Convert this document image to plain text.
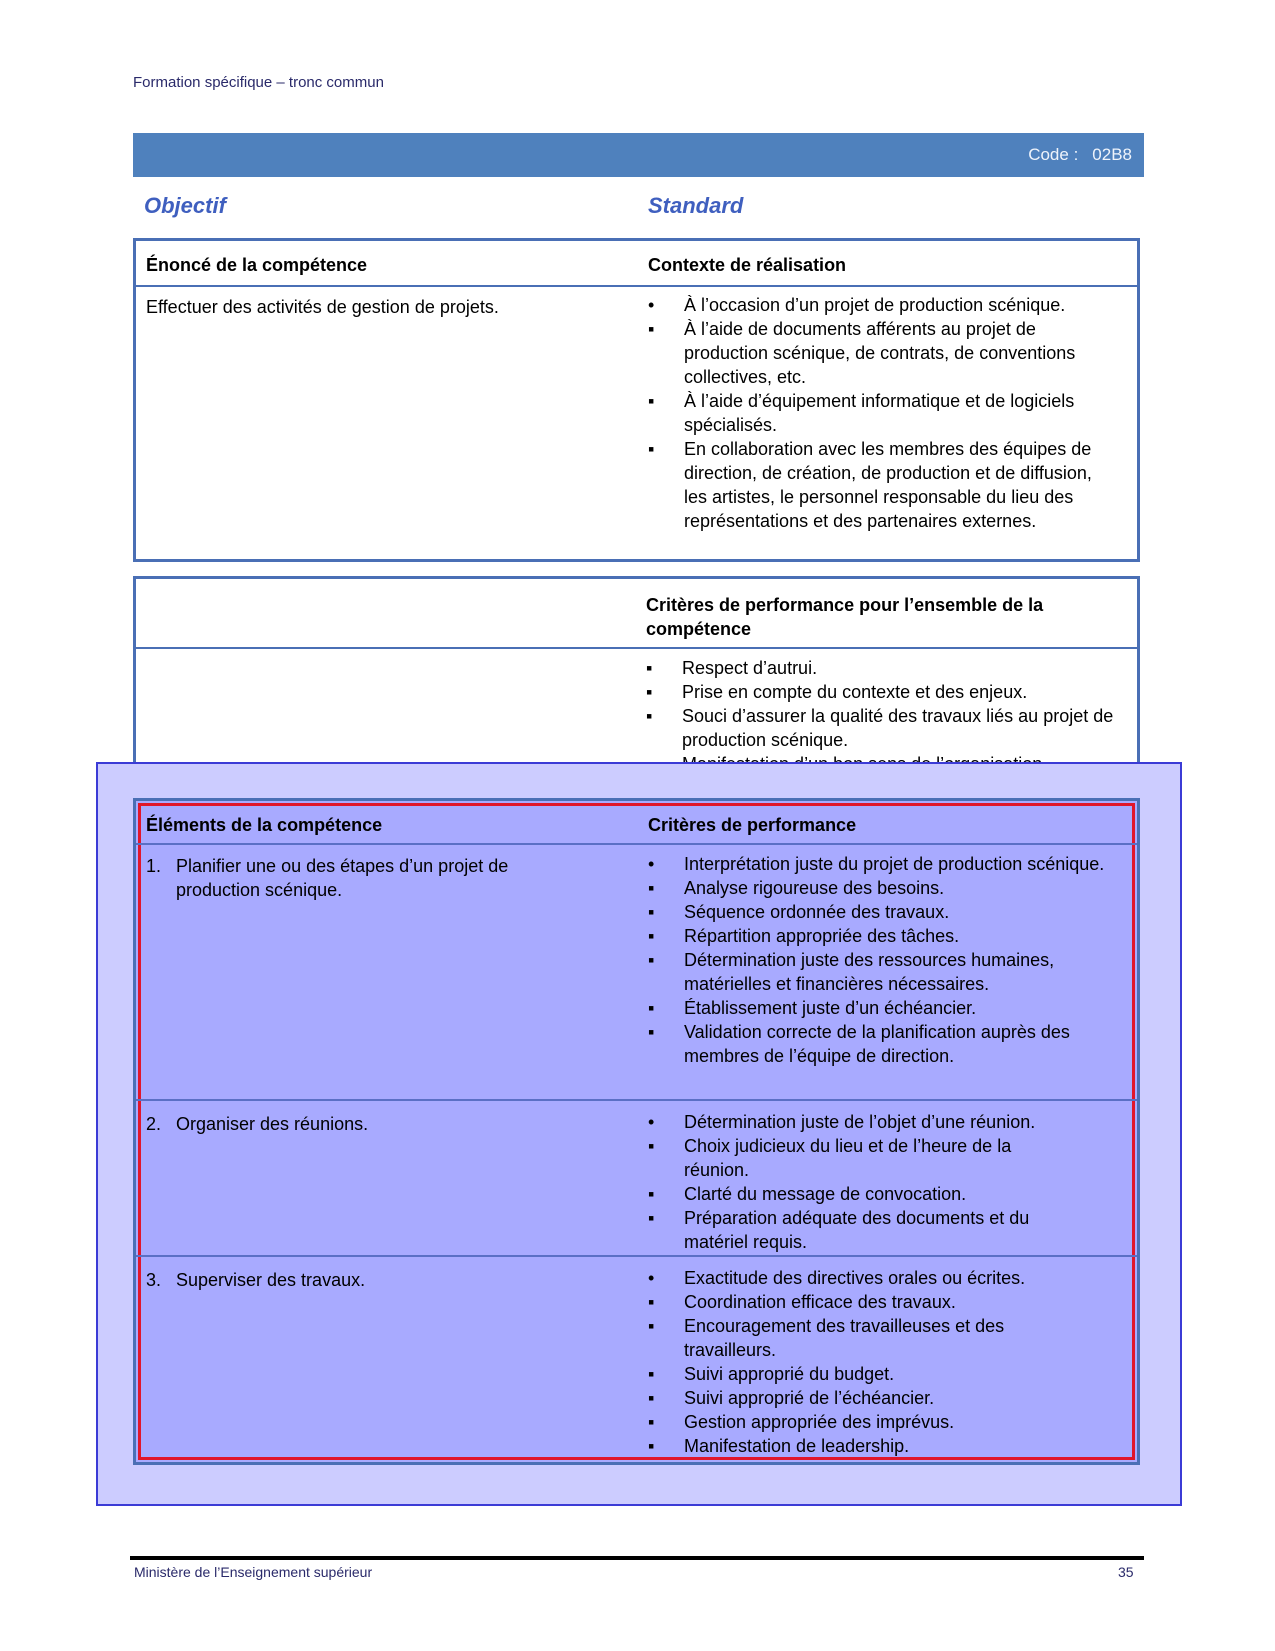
Formation spécifique – tronc commun
Code : 02B8
Objectif	Standard
Énoncé de la compétence	Contexte de réalisation
Effectuer des activités de gestion de projets.	• À l’occasion d’un projet de production scénique.
▪ À l’aide de documents afférents au projet de production scénique, de contrats, de conventions collectives, etc.
▪ À l’aide d’équipement informatique et de logiciels spécialisés.
▪ En collaboration avec les membres des équipes de direction, de création, de production et de diffusion, les artistes, le personnel responsable du lieu des représentations et des partenaires externes.
Critères de performance pour l’ensemble de la compétence
▪ Respect d’autrui.
▪ Prise en compte du contexte et des enjeux.
▪ Souci d’assurer la qualité des travaux liés au projet de production scénique.
▪
Éléments de la compétence	Critères de performance
1. Planifier une ou des étapes d’un projet de production scénique.
• Interprétation juste du projet de production scénique.
▪ Analyse rigoureuse des besoins.
▪ Séquence ordonnée des travaux.
▪ Répartition appropriée des tâches.
▪ Détermination juste des ressources humaines, matérielles et financières nécessaires.
▪ Établissement juste d’un échéancier.
▪ Validation correcte de la planification auprès des membres de l’équipe de direction.
2. Organiser des réunions.	• Détermination juste de l’objet d’une réunion.
▪ Choix judicieux du lieu et de l’heure de la réunion.
▪ Clarté du message de convocation.
▪ Préparation adéquate des documents et du matériel requis.
3. Superviser des travaux.	• Exactitude des directives orales ou écrites.
▪ Coordination efficace des travaux.
▪ Encouragement des travailleuses et des travailleurs.
▪ Suivi approprié du budget.
▪ Suivi approprié de l’échéancier.
▪ Gestion appropriée des imprévus.
▪ Manifestation de leadership.
Ministère de l’Enseignement supérieur	35
